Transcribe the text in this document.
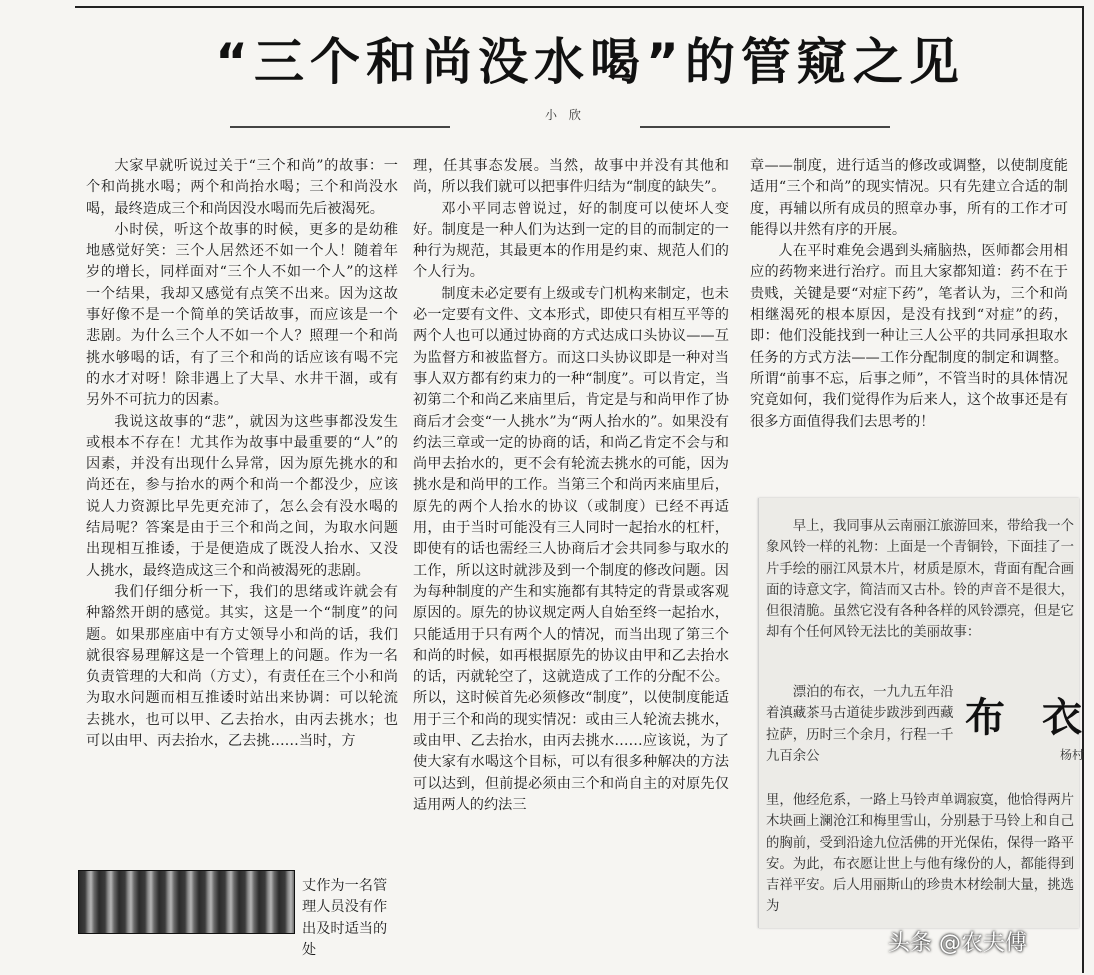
“三个和尚没水喝”的管窥之见
小 欣

大家早就听说过关于“三个和尚”的故事：一个和尚挑水喝；两个和尚抬水喝；三个和尚没水喝，最终造成三个和尚因没水喝而先后被渴死。

小时侯，听这个故事的时候，更多的是幼稚地感觉好笑：三个人居然还不如一个人！随着年岁的增长，同样面对“三个人不如一个人”的这样一个结果，我却又感觉有点笑不出来。因为这故事好像不是一个简单的笑话故事，而应该是一个悲剧。为什么三个人不如一个人？照理一个和尚挑水够喝的话，有了三个和尚的话应该有喝不完的水才对呀！除非遇上了大旱、水井干涸，或有另外不可抗力的因素。

我说这故事的“悲”，就因为这些事都没发生或根本不存在！尤其作为故事中最重要的“人”的因素，并没有出现什么异常，因为原先挑水的和尚还在，参与抬水的两个和尚一个都没少，应该说人力资源比早先更充沛了，怎么会有没水喝的结局呢？答案是由于三个和尚之间，为取水问题出现相互推诿，于是便造成了既没人抬水、又没人挑水，最终造成这三个和尚被渴死的悲剧。

我们仔细分析一下，我们的思绪或许就会有种豁然开朗的感觉。其实，这是一个“制度”的问题。如果那座庙中有方丈领导小和尚的话，我们就很容易理解这是一个管理上的问题。作为一名负责管理的大和尚（方丈），有责任在三个小和尚为取水问题而相互推诿时站出来协调：可以轮流去挑水，也可以甲、乙去抬水，由丙去挑水；也可以由甲、丙去抬水，乙去挑……当时，方

丈作为一名管理人员没有作出及时适当的处

理，任其事态发展。当然，故事中并没有其他和尚，所以我们就可以把事件归结为“制度的缺失”。

邓小平同志曾说过，好的制度可以使坏人变好。制度是一种人们为达到一定的目的而制定的一种行为规范，其最更本的作用是约束、规范人们的个人行为。

制度未必定要有上级或专门机构来制定，也未必一定要有文件、文本形式，即使只有相互平等的两个人也可以通过协商的方式达成口头协议——互为监督方和被监督方。而这口头协议即是一种对当事人双方都有约束力的一种“制度”。可以肯定，当初第二个和尚乙来庙里后，肯定是与和尚甲作了协商后才会变“一人挑水”为“两人抬水的”。如果没有约法三章或一定的协商的话，和尚乙肯定不会与和尚甲去抬水的，更不会有轮流去挑水的可能，因为挑水是和尚甲的工作。当第三个和尚丙来庙里后，原先的两个人抬水的协议（或制度）已经不再适用，由于当时可能没有三人同时一起抬水的杠杆，即使有的话也需经三人协商后才会共同参与取水的工作，所以这时就涉及到一个制度的修改问题。因为每种制度的产生和实施都有其特定的背景或客观原因的。原先的协议规定两人自始至终一起抬水，只能适用于只有两个人的情况，而当出现了第三个和尚的时候，如再根据原先的协议由甲和乙去抬水的话，丙就轮空了，这就造成了工作的分配不公。所以，这时候首先必须修改“制度”，以使制度能适用于三个和尚的现实情况：或由三人轮流去挑水，或由甲、乙去抬水，由丙去挑水……应该说，为了使大家有水喝这个目标，可以有很多种解决的方法可以达到，但前提必须由三个和尚自主的对原先仅适用两人的约法三

章——制度，进行适当的修改或调整，以使制度能适用“三个和尚”的现实情况。只有先建立合适的制度，再辅以所有成员的照章办事，所有的工作才可能得以井然有序的开展。

人在平时难免会遇到头痛脑热，医师都会用相应的药物来进行治疗。而且大家都知道：药不在于贵贱，关键是要“对症下药”，笔者认为，三个和尚相继渴死的根本原因，是没有找到“对症”的药，即：他们没能找到一种让三人公平的共同承担取水任务的方式方法——工作分配制度的制定和调整。所谓“前事不忘，后事之师”，不管当时的具体情况究竟如何，我们觉得作为后来人，这个故事还是有很多方面值得我们去思考的！

早上，我同事从云南丽江旅游回来，带给我一个象风铃一样的礼物：上面是一个青铜铃，下面挂了一片手绘的丽江风景木片，材质是原木，背面有配合画面的诗意文字，简洁而又古朴。铃的声音不是很大，但很清脆。虽然它没有各种各样的风铃漂亮，但是它却有个任何风铃无法比的美丽故事：

漂泊的布衣，一九九五年沿着滇藏茶马古道徒步跋涉到西藏拉萨，历时三个余月，行程一千九百余公
里，他经危系，一路上马铃声单调寂寞，他恰得两片木块画上澜沧江和梅里雪山，分别悬于马铃上和自己的胸前，受到沿途九位活佛的开光保佑，保得一路平安。为此，布衣愿让世上与他有缘份的人，都能得到吉祥平安。后人用丽斯山的珍贵木材绘制大量，挑选为
布 衣
杨村
头条 @农夫傅
